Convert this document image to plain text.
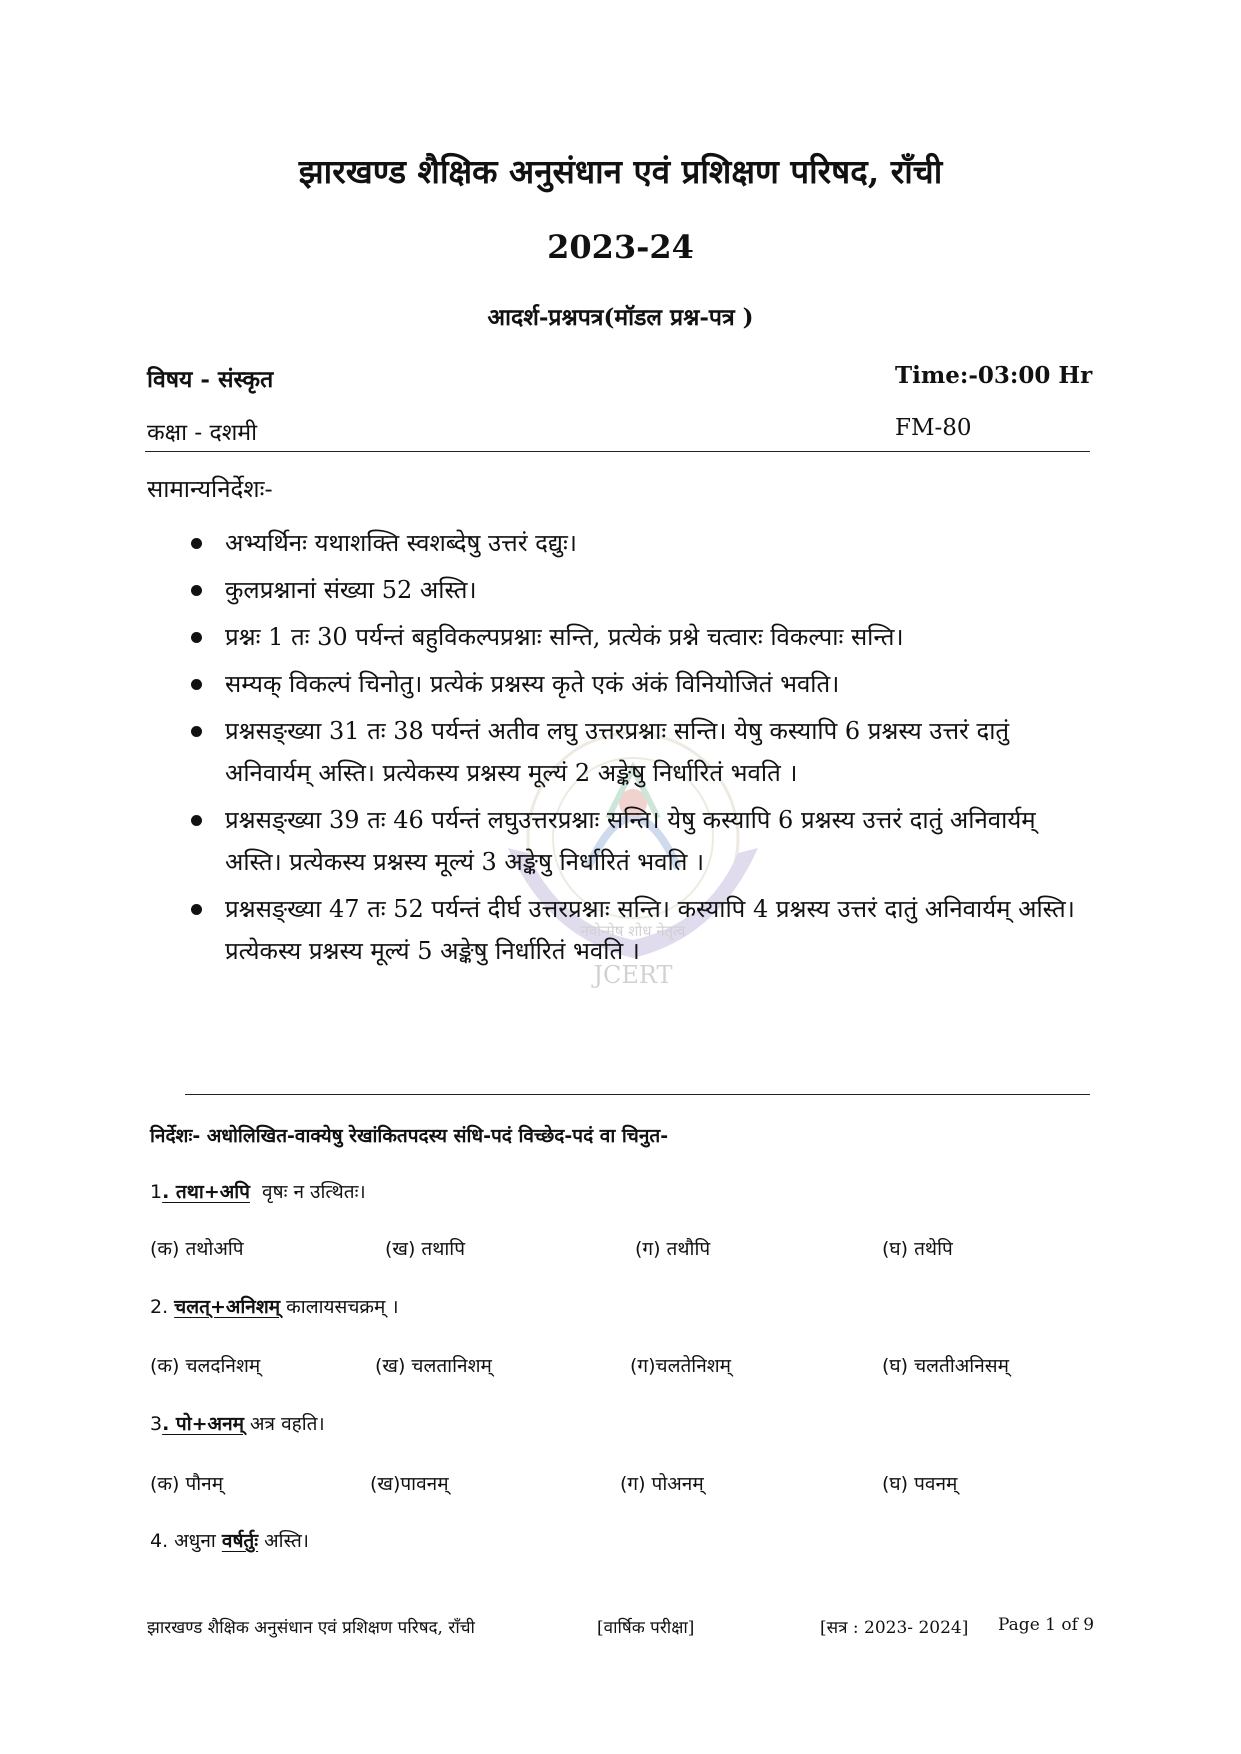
नवोन्मेष शोध नेतृत्व
JCERT
झारखण्ड शैक्षिक अनुसंधान एवं प्रशिक्षण परिषद, राँची
2023-24
आदर्श-प्रश्नपत्र(मॉडल प्रश्न-पत्र )
विषय - संस्कृत	Time:-03:00 Hr
कक्षा - दशमी	FM-80
सामान्यनिर्देशः-
अभ्यर्थिनः यथाशक्ति स्वशब्देषु उत्तरं दद्युः।
कुलप्रश्नानां संख्या 52 अस्ति।
प्रश्नः 1 तः 30 पर्यन्तं बहुविकल्पप्रश्नाः सन्ति, प्रत्येकं प्रश्ने चत्वारः विकल्पाः सन्ति।
सम्यक् विकल्पं चिनोतु। प्रत्येकं प्रश्नस्य कृते एकं अंकं विनियोजितं भवति।
प्रश्नसङ्ख्या 31 तः 38 पर्यन्तं अतीव लघु उत्तरप्रश्नाः सन्ति। येषु कस्यापि 6 प्रश्नस्य उत्तरं दातुं अनिवार्यम् अस्ति। प्रत्येकस्य प्रश्नस्य मूल्यं 2 अङ्केषु निर्धारितं भवति ।
प्रश्नसङ्ख्या 39 तः 46 पर्यन्तं लघुउत्तरप्रश्नाः सन्ति। येषु कस्यापि 6 प्रश्नस्य उत्तरं दातुं अनिवार्यम् अस्ति। प्रत्येकस्य प्रश्नस्य मूल्यं 3 अङ्केषु निर्धारितं भवति ।
प्रश्नसङ्ख्या 47 तः 52 पर्यन्तं दीर्घ उत्तरप्रश्नाः सन्ति। कस्यापि 4 प्रश्नस्य उत्तरं दातुं अनिवार्यम् अस्ति। प्रत्येकस्य प्रश्नस्य मूल्यं 5 अङ्केषु निर्धारितं भवति ।
निर्देशः- अधोलिखित-वाक्येषु रेखांकितपदस्य संधि-पदं विच्छेद-पदं वा चिनुत-
1. तथा+अपि  वृषः न उत्थितः।
(क) तथोअपि	(ख) तथापि	(ग) तथौपि	(घ) तथेपि
2. चलत्+अनिशम् कालायसचक्रम् ।
(क) चलदनिशम्	(ख) चलतानिशम्	(ग)चलतेनिशम्	(घ) चलतीअनिसम्
3. पो+अनम् अत्र वहति।
(क) पौनम्	(ख)पावनम्	(ग) पोअनम्	(घ) पवनम्
4. अधुना वर्षर्तुः अस्ति।
झारखण्ड शैक्षिक अनुसंधान एवं प्रशिक्षण परिषद, राँची	[वार्षिक परीक्षा]	[सत्र : 2023- 2024] Page 1 of 9
